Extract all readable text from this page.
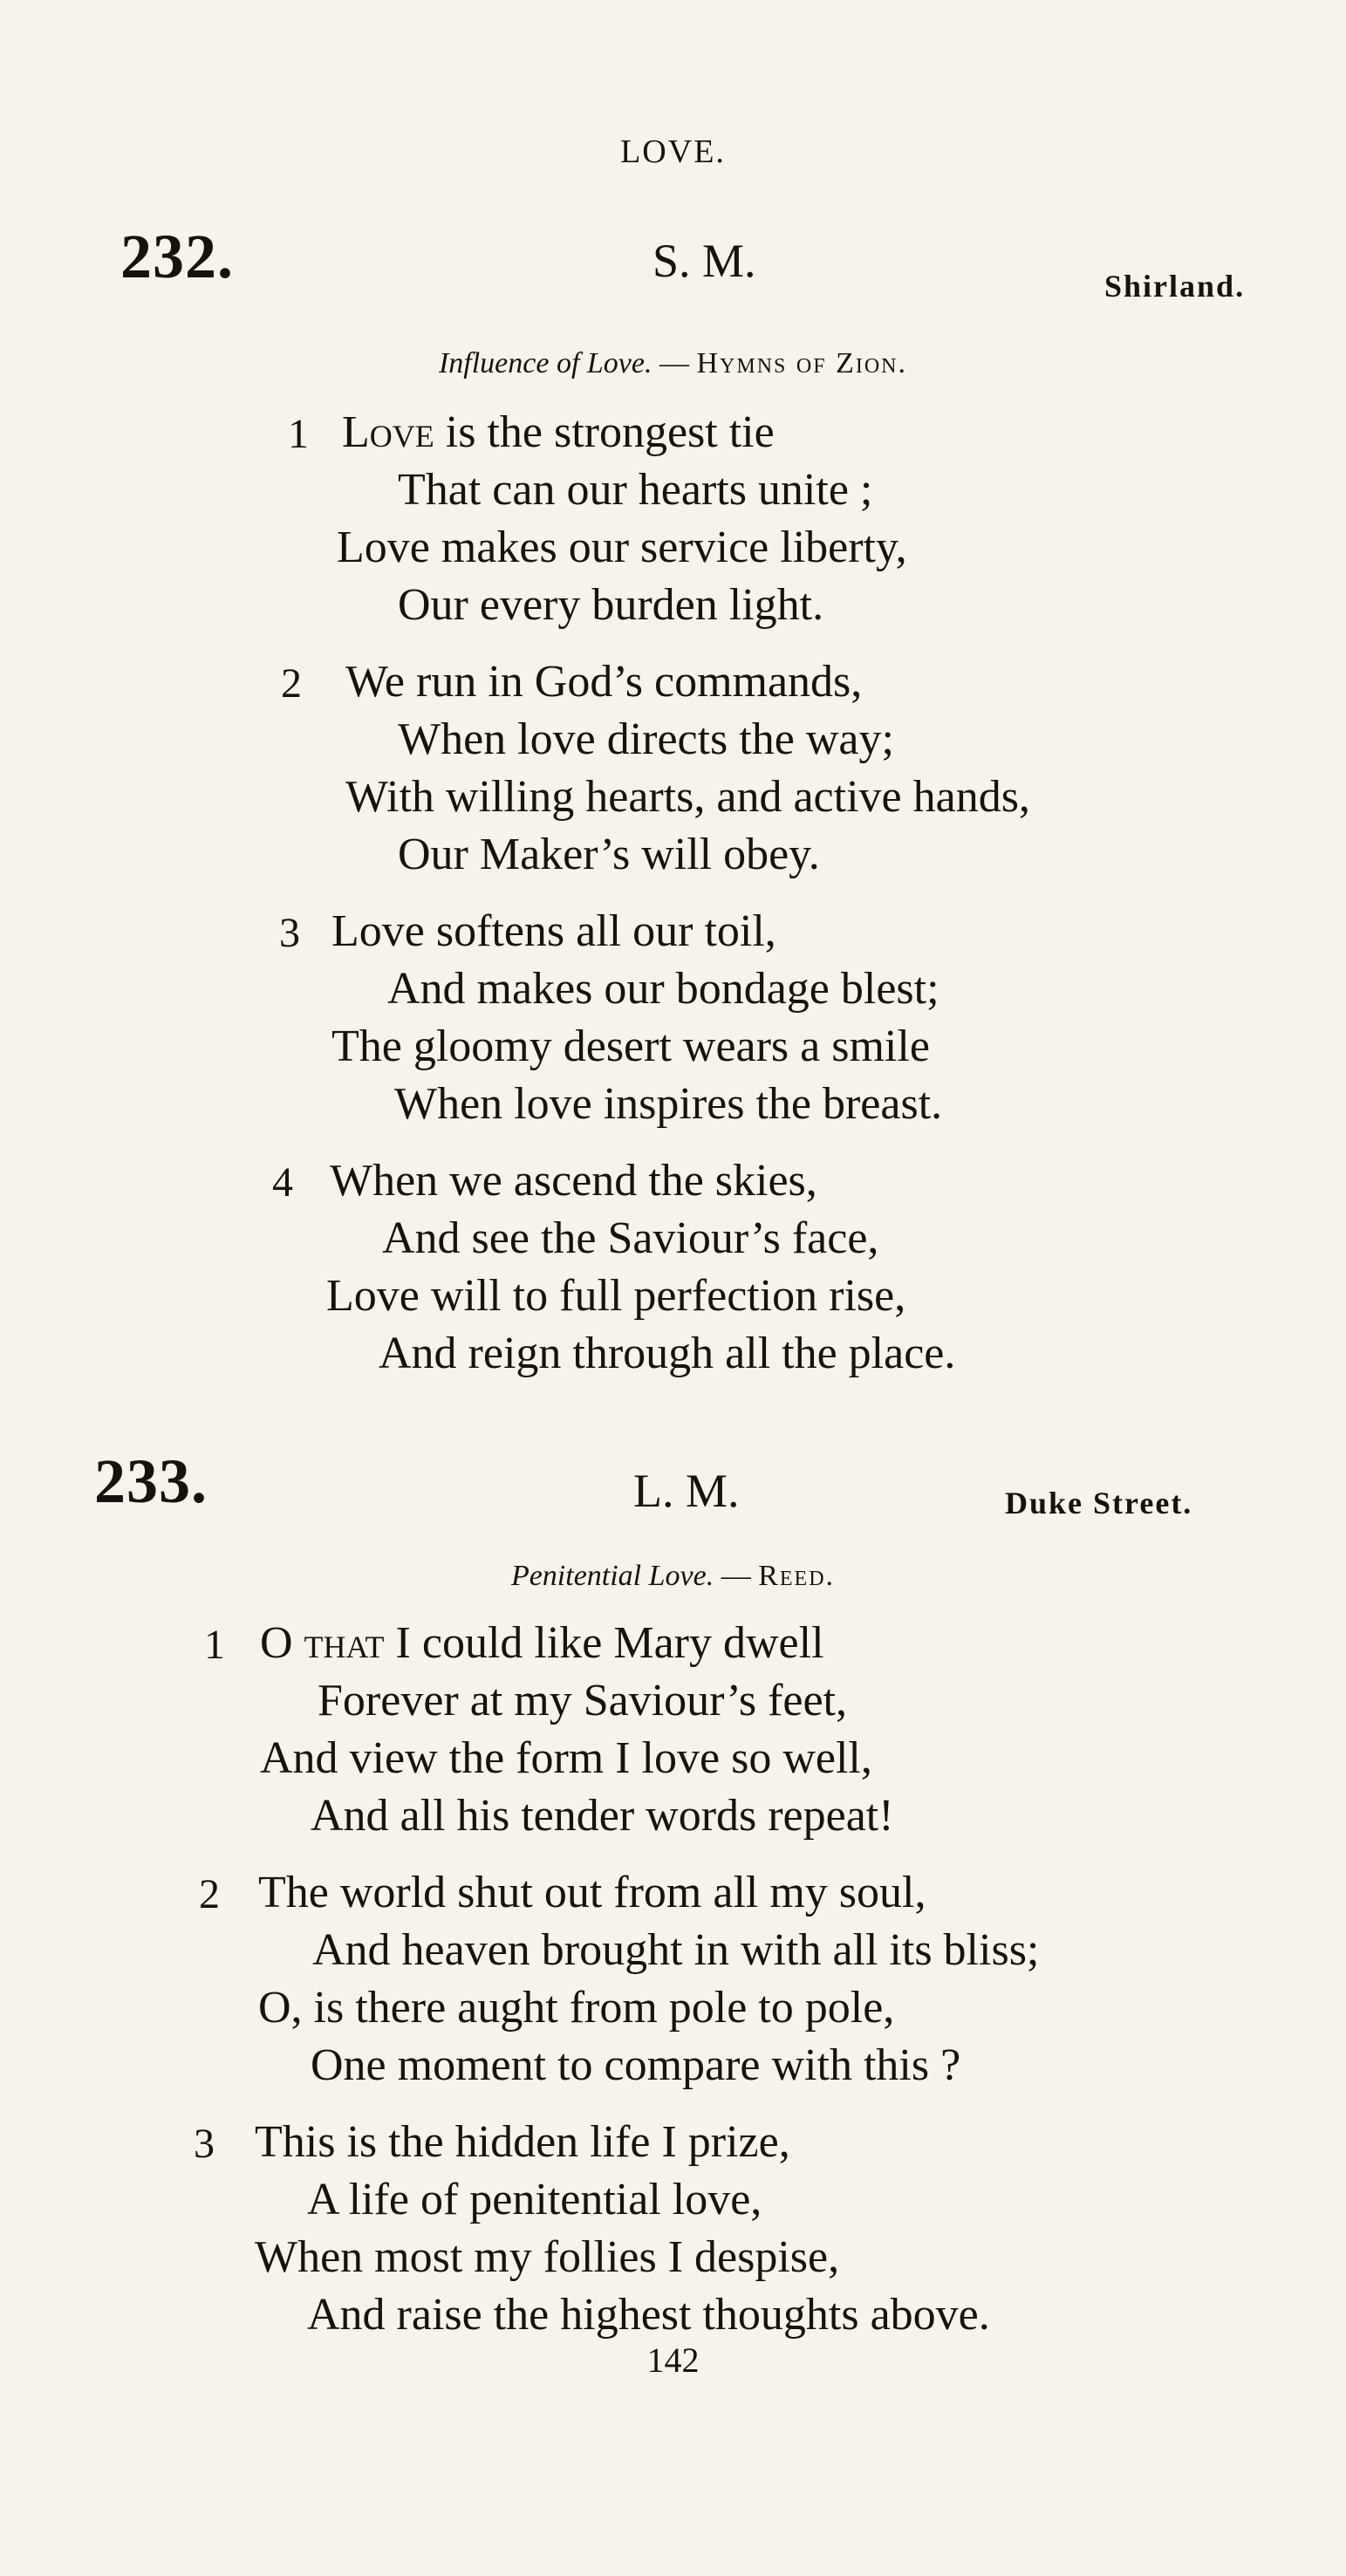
LOVE.
232.	S. M.	Shirland.
Influence of Love. — Hymns of Zion.
1 Love is the strongest tie
That can our hearts unite ;
Love makes our service liberty,
Our every burden light.
2 We run in God’s commands,
When love directs the way;
With willing hearts, and active hands,
Our Maker’s will obey.
3 Love softens all our toil,
And makes our bondage blest;
The gloomy desert wears a smile
When love inspires the breast.
4 When we ascend the skies,
And see the Saviour’s face,
Love will to full perfection rise,
And reign through all the place.
233.	L. M.	Duke Street.
Penitential Love. — Reed.
1 O that I could like Mary dwell
Forever at my Saviour’s feet,
And view the form I love so well,
And all his tender words repeat!
2 The world shut out from all my soul,
And heaven brought in with all its bliss;
O, is there aught from pole to pole,
One moment to compare with this ?
3 This is the hidden life I prize,
A life of penitential love,
When most my follies I despise,
And raise the highest thoughts above.
142
